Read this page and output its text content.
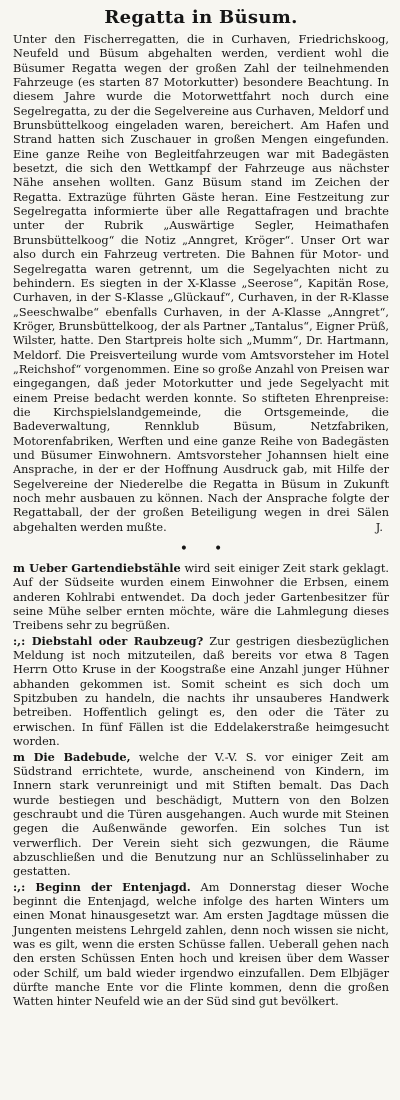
Regatta in Büsum.

Unter den Fischerregatten, die in Curhaven, Friedrichskoog, Neufeld und Büsum abgehalten werden, verdient wohl die Büsumer Regatta wegen der großen Zahl der teilnehmenden Fahrzeuge (es starten 87 Motorkutter) besondere Beachtung. In diesem Jahre wurde die Motorwettfahrt noch durch eine Segelregatta, zu der die Segelvereine aus Curhaven, Meldorf und Brunsbüttelkoog eingeladen waren, bereichert. Am Hafen und Strand hatten sich Zuschauer in großen Mengen eingefunden. Eine ganze Reihe von Begleitfahrzeugen war mit Badegästen besetzt, die sich den Wettkampf der Fahrzeuge aus nächster Nähe ansehen wollten. Ganz Büsum stand im Zeichen der Regatta. Extrazüge führten Gäste heran. Eine Festzeitung zur Segelregatta informierte über alle Regattafragen und brachte unter der Rubrik „Auswärtige Segler, Heimathafen Brunsbüttelkoog“ die Notiz „Anngret, Kröger“. Unser Ort war also durch ein Fahrzeug vertreten. Die Bahnen für Motor- und Segelregatta waren getrennt, um die Segelyachten nicht zu behindern. Es siegten in der X-Klasse „Seerose“, Kapitän Rose, Curhaven, in der S-Klasse „Glückauf“, Curhaven, in der R-Klasse „Seeschwalbe“ ebenfalls Curhaven, in der A-Klasse „Anngret“, Kröger, Brunsbüttelkoog, der als Partner „Tantalus“, Eigner Prüß, Wilster, hatte. Den Startpreis holte sich „Mumm“, Dr. Hartmann, Meldorf. Die Preisverteilung wurde vom Amtsvorsteher im Hotel „Reichshof“ vorgenommen. Eine so große Anzahl von Preisen war eingegangen, daß jeder Motorkutter und jede Segelyacht mit einem Preise bedacht werden konnte. So stifteten Ehrenpreise: die Kirchspielslandgemeinde, die Ortsgemeinde, die Badeverwaltung, Rennklub Büsum, Netzfabriken, Motorenfabriken, Werften und eine ganze Reihe von Badegästen und Büsumer Einwohnern. Amtsvorsteher Johannsen hielt eine Ansprache, in der er der Hoffnung Ausdruck gab, mit Hilfe der Segelvereine der Niederelbe die Regatta in Büsum in Zukunft noch mehr ausbauen zu können. Nach der Ansprache folgte der Regattaball, der der großen Beteiligung wegen in drei Sälen abgehalten werden mußte.	J.
• •

m Ueber Gartendiebstähle wird seit einiger Zeit stark geklagt. Auf der Südseite wurden einem Einwohner die Erbsen, einem anderen Kohlrabi entwendet. Da doch jeder Gartenbesitzer für seine Mühe selber ernten möchte, wäre die Lahmlegung dieses Treibens sehr zu begrüßen.

:,: Diebstahl oder Raubzeug? Zur gestrigen diesbezüglichen Meldung ist noch mitzuteilen, daß bereits vor etwa 8 Tagen Herrn Otto Kruse in der Koogstraße eine Anzahl junger Hühner abhanden gekommen ist. Somit scheint es sich doch um Spitzbuben zu handeln, die nachts ihr unsauberes Handwerk betreiben. Hoffentlich gelingt es, den oder die Täter zu erwischen. In fünf Fällen ist die Eddelakerstraße heimgesucht worden.

m Die Badebude, welche der V.-V. S. vor einiger Zeit am Südstrand errichtete, wurde, anscheinend von Kindern, im Innern stark verunreinigt und mit Stiften bemalt. Das Dach wurde bestiegen und beschädigt, Muttern von den Bolzen geschraubt und die Türen ausgehangen. Auch wurde mit Steinen gegen die Außenwände geworfen. Ein solches Tun ist verwerflich. Der Verein sieht sich gezwungen, die Räume abzuschließen und die Benutzung nur an Schlüsselinhaber zu gestatten.

:,: Beginn der Entenjagd. Am Donnerstag dieser Woche beginnt die Entenjagd, welche infolge des harten Winters um einen Monat hinausgesetzt war. Am ersten Jagdtage müssen die Jungenten meistens Lehrgeld zahlen, denn noch wissen sie nicht, was es gilt, wenn die ersten Schüsse fallen. Ueberall gehen nach den ersten Schüssen Enten hoch und kreisen über dem Wasser oder Schilf, um bald wieder irgendwo einzufallen. Dem Elbjäger dürfte manche Ente vor die Flinte kommen, denn die großen Watten hinter Neufeld wie an der Süd sind gut bevölkert.
